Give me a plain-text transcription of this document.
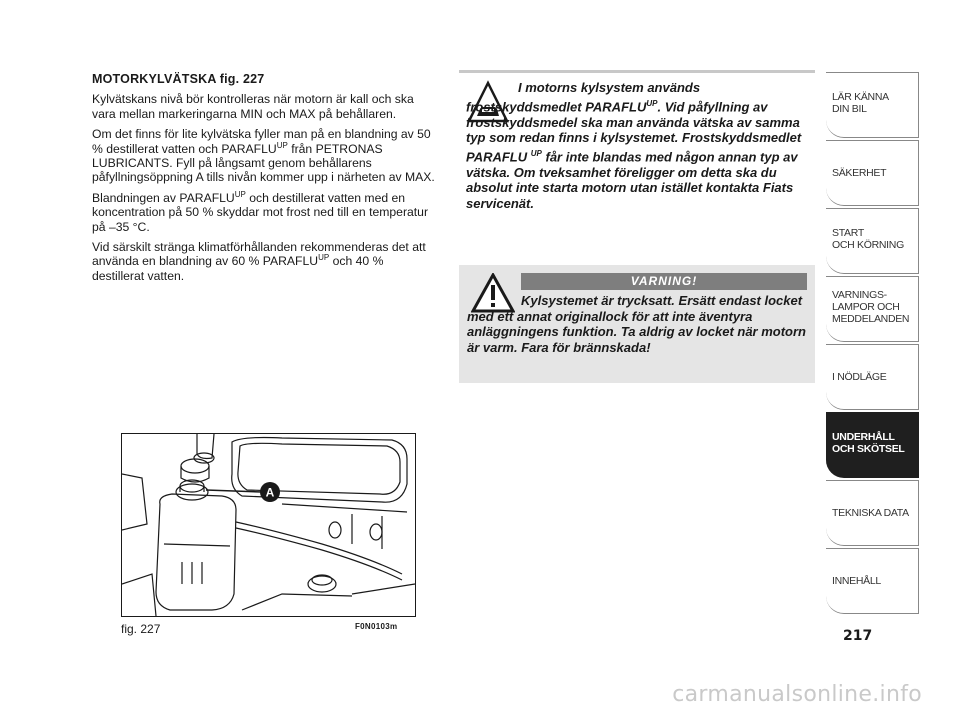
MOTORKYLVÄTSKA fig. 227

Kylvätskans nivå bör kontrolleras när motorn är kall och ska vara mellan markeringarna MIN och MAX på behållaren.

Om det finns för lite kylvätska fyller man på en blandning av 50 % destillerat vatten och $PARAFLU^{UP}$ från PETRONAS LUBRICANTS. Fyll på långsamt genom behållarens påfyllningsöppning A tills nivån kommer upp i närheten av MAX.

Blandningen av $PARAFLU^{UP}$ och destillerat vatten med en koncentration på 50 % skyddar mot frost ned till en temperatur på –35 °C.

Vid särskilt stränga klimatförhållanden rekommenderas det att använda en blandning av 60 % $PARAFLU^{UP}$ och 40 % destillerat vatten.

I motorns kylsystem används frostskyddsmedlet $PARAFLU^{UP}$. Vid påfyllning av frostskyddsmedel ska man använda vätska av samma typ som redan finns i kylsystemet. Frostskyddsmedlet PARAFLU $^{UP}$ får inte blandas med någon annan typ av vätska. Om tveksamhet föreligger om detta ska du absolut inte starta motorn utan istället kontakta Fiats servicenät.
VARNING!
Kylsystemet är trycksatt. Ersätt endast locket med ett annat originallock för att inte äventyra anläggningens funktion. Ta aldrig av locket när motorn är varm. Fara för brännskada!
A
fig. 227	F0N0103m
LÄR KÄNNA
DIN BIL
SÄKERHET
START
OCH KÖRNING
VARNINGS-
LAMPOR OCH
MEDDELANDEN
I NÖDLÄGE
UNDERHÅLL
OCH SKÖTSEL
TEKNISKA DATA
INNEHÅLL
217
carmanualsonline.info
